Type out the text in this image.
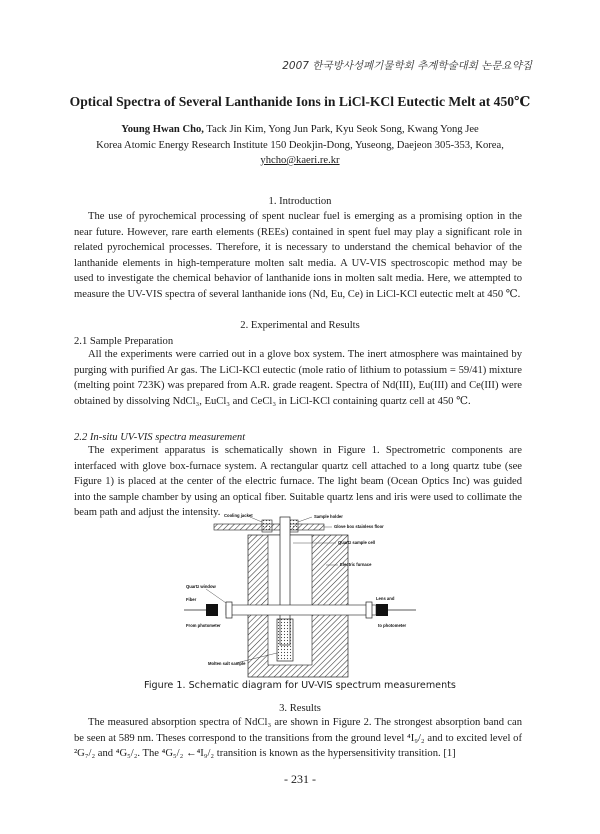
2007 한국방사성폐기물학회 추계학술대회 논문요약집
Optical Spectra of Several Lanthanide Ions in LiCl-KCl Eutectic Melt at 450℃
Young Hwan Cho, Tack Jin Kim, Yong Jun Park, Kyu Seok Song, Kwang Yong Jee
Korea Atomic Energy Research Institute 150 Deokjin-Dong, Yuseong, Daejeon 305-353, Korea,
yhcho@kaeri.re.kr
1. Introduction

The use of pyrochemical processing of spent nuclear fuel is emerging as a promising option in the near future. However, rare earth elements (REEs) contained in spent fuel may play a significant role in related pyrochemical processes. Therefore, it is necessary to understand the chemical behavior of the lanthanide elements in high-temperature molten salt media. A UV-VIS spectroscopic method may be used to investigate the chemical behavior of lanthanide ions in molten salt media. Here, we attempted to measure the UV-VIS spectra of several lanthanide ions (Nd, Eu, Ce) in LiCl-KCl eutectic melt at 450 ℃.

2. Experimental and Results
2.1 Sample Preparation

All the experiments were carried out in a glove box system. The inert atmosphere was maintained by purging with purified Ar gas. The LiCl-KCl eutectic (mole ratio of lithium to potassium = 59/41) mixture (melting point 723K) was prepared from A.R. grade reagent. Spectra of Nd(III), Eu(III) and Ce(III) were obtained by dissolving NdCl₃, EuCl₃ and CeCl₃ in LiCl-KCl containing quartz cell at 450 ℃.

2.2 In-situ UV-VIS spectra measurement

The experiment apparatus is schematically shown in Figure 1. Spectrometric components are interfaced with glove box-furnace system. A rectangular quartz cell attached to a long quartz tube (see Figure 1) is placed at the center of the electric furnace. The light beam (Ocean Optics Inc) was guided into the sample chamber by using an optical fiber. Suitable quartz lens and iris were used to collimate the beam path and adjust the intensity. Cooling jacket	Sample holder
Glove box stainless floor
Quartz sample cell
Electric furnace
Quartz window
Fiber	Lens and
From photometer	to photometer
Molten salt sample
Figure 1. Schematic diagram for UV-VIS spectrum measurements
3. Results

The measured absorption spectra of NdCl₃ are shown in Figure 2. The strongest absorption band can be seen at 589 nm. Theses correspond to the transitions from the ground level ⁴I₉/₂ and to excited level of ²G₇/₂ and ⁴G₅/₂. The ⁴G₅/₂ ←⁴I₉/₂ transition is known as the hypersensitivity transition. [1]

- 231 -
